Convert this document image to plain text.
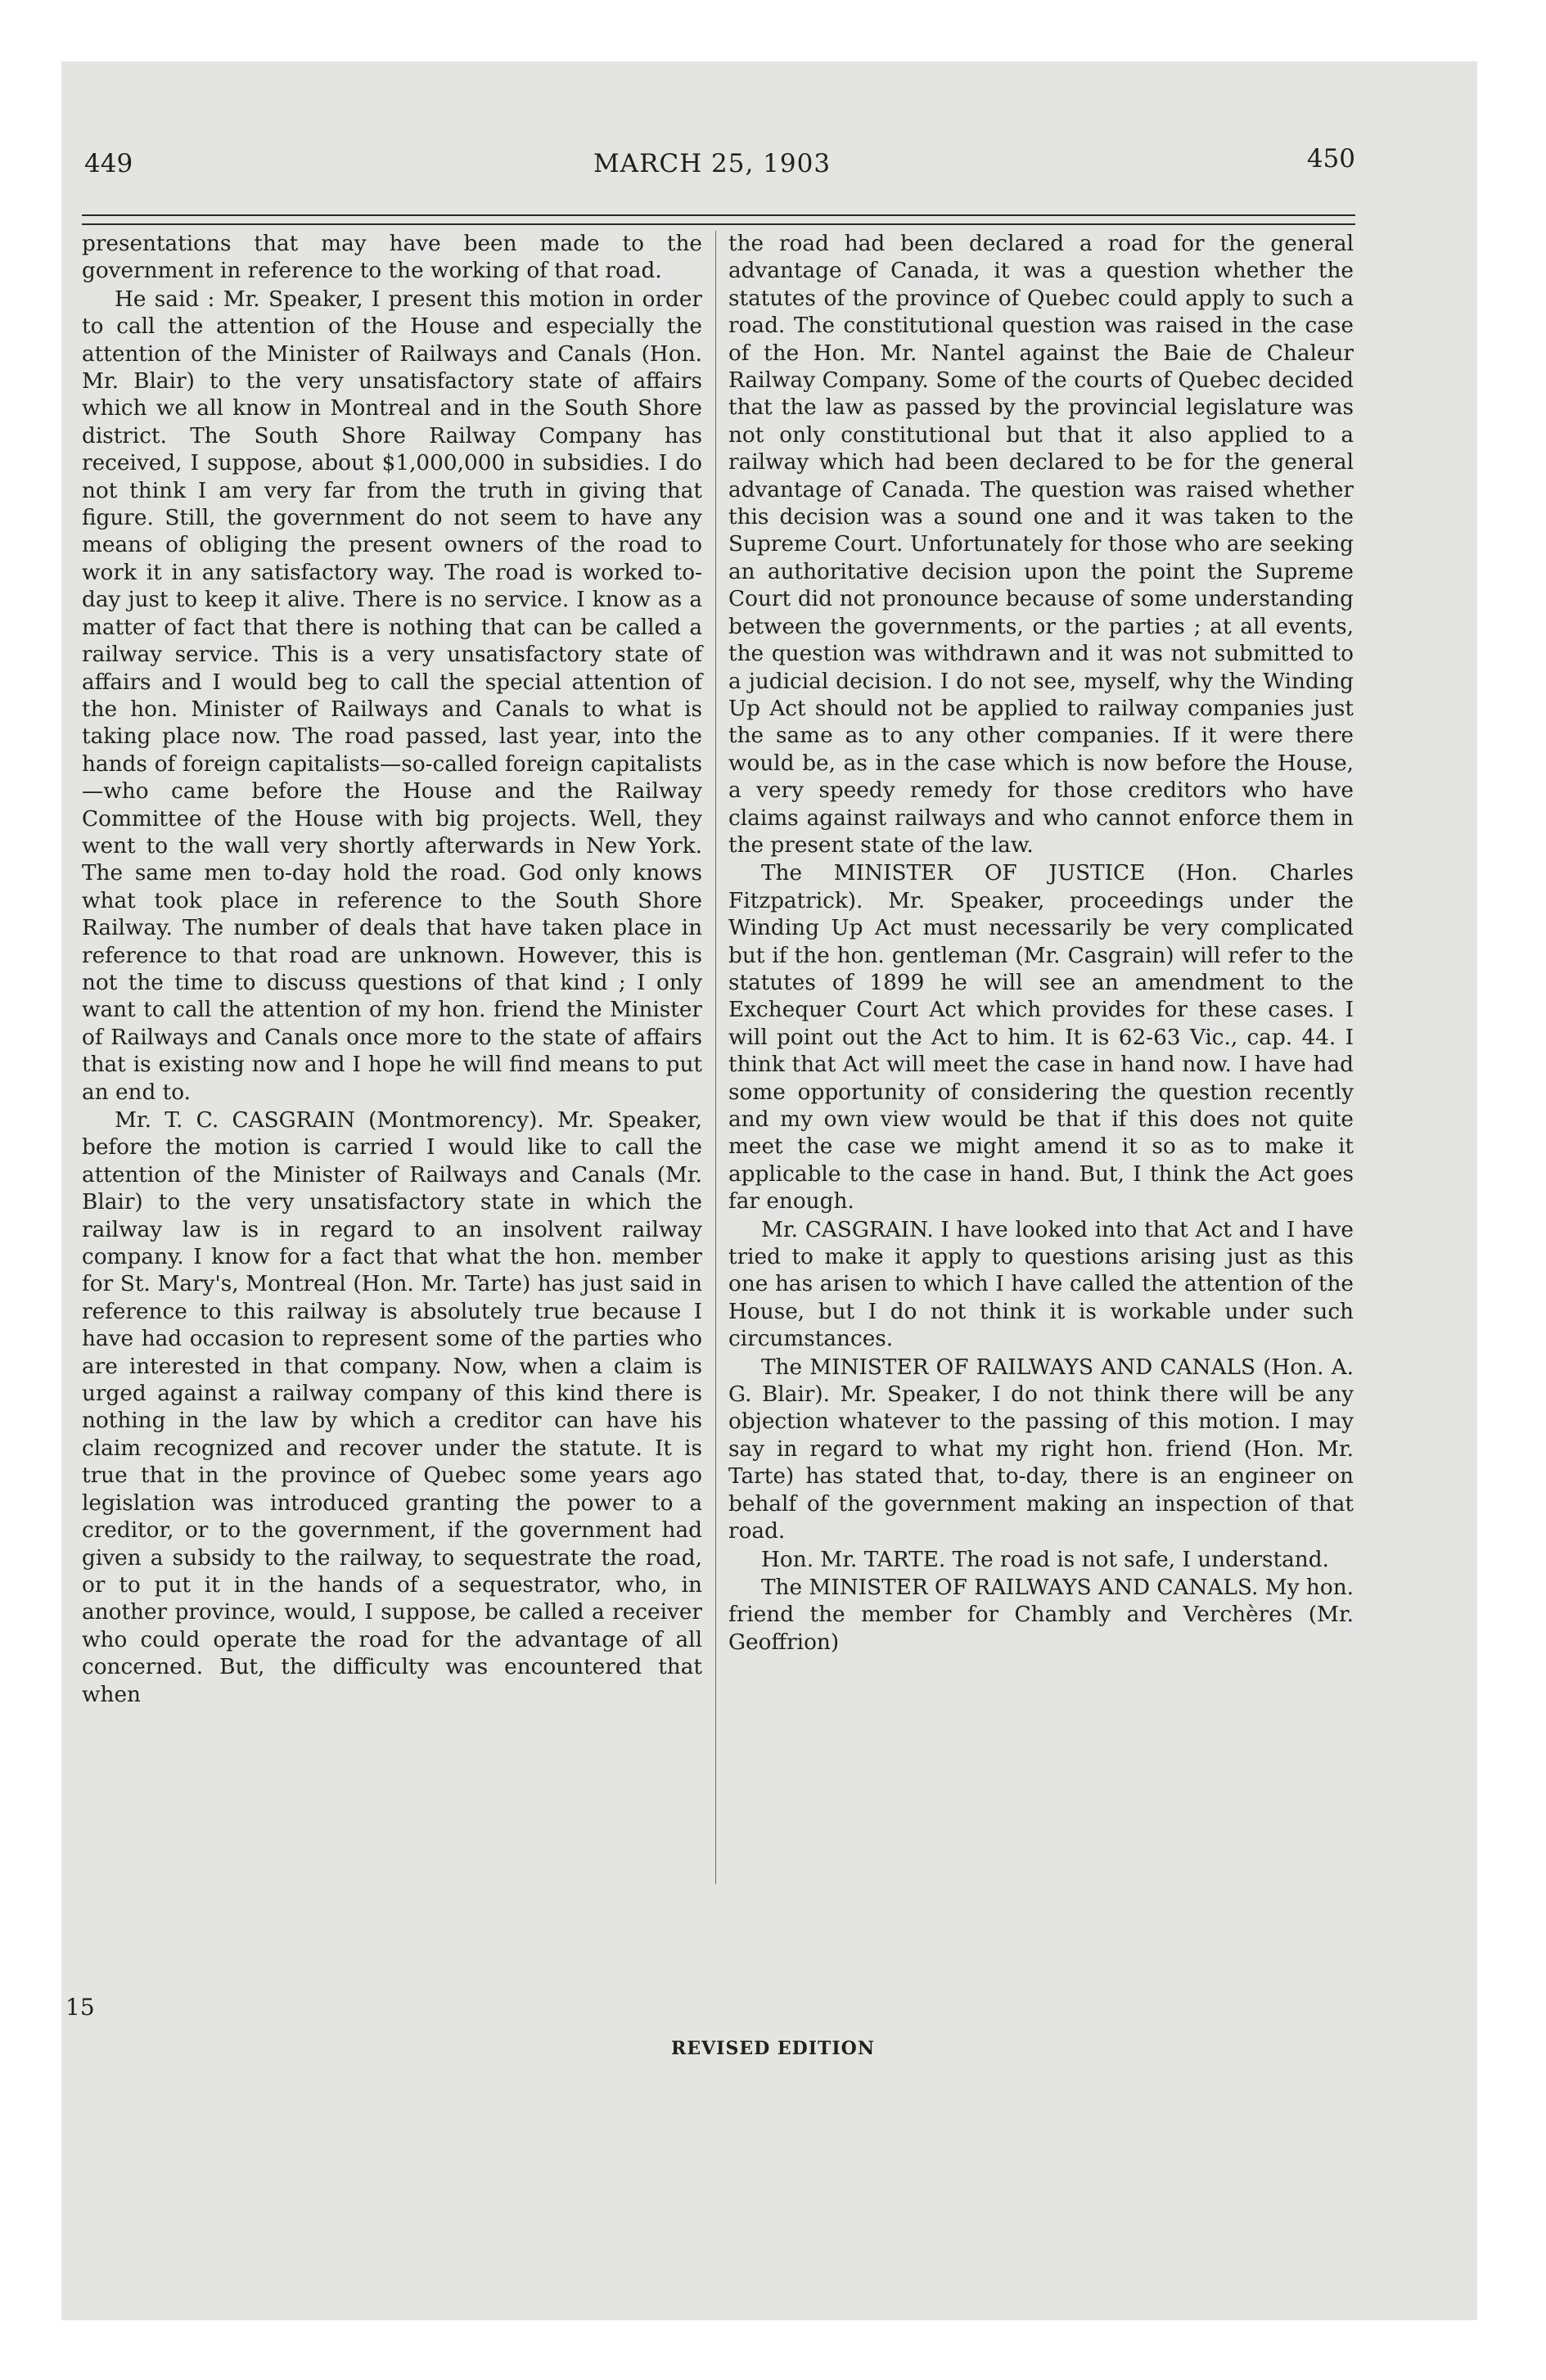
449	MARCH 25, 1903	450

presentations that may have been made to the government in reference to the working of that road.

He said : Mr. Speaker, I present this motion in order to call the attention of the House and especially the attention of the Minister of Railways and Canals (Hon. Mr. Blair) to the very unsatisfactory state of affairs which we all know in Montreal and in the South Shore district. The South Shore Railway Company has received, I suppose, about $1,000,000 in subsidies. I do not think I am very far from the truth in giving that figure. Still, the government do not seem to have any means of obliging the present owners of the road to work it in any satisfactory way. The road is worked to-day just to keep it alive. There is no service. I know as a matter of fact that there is nothing that can be called a railway service. This is a very unsatisfactory state of affairs and I would beg to call the special attention of the hon. Minister of Railways and Canals to what is taking place now. The road passed, last year, into the hands of foreign capitalists—so-called foreign capitalists—who came before the House and the Railway Committee of the House with big projects. Well, they went to the wall very shortly afterwards in New York. The same men to-day hold the road. God only knows what took place in reference to the South Shore Railway. The number of deals that have taken place in reference to that road are unknown. However, this is not the time to discuss questions of that kind ; I only want to call the attention of my hon. friend the Minister of Railways and Canals once more to the state of affairs that is existing now and I hope he will find means to put an end to.

Mr. T. C. CASGRAIN (Montmorency). Mr. Speaker, before the motion is carried I would like to call the attention of the Minister of Railways and Canals (Mr. Blair) to the very unsatisfactory state in which the railway law is in regard to an insolvent railway company. I know for a fact that what the hon. member for St. Mary's, Montreal (Hon. Mr. Tarte) has just said in reference to this railway is absolutely true because I have had occasion to represent some of the parties who are interested in that company. Now, when a claim is urged against a railway company of this kind there is nothing in the law by which a creditor can have his claim recognized and recover under the statute. It is true that in the province of Quebec some years ago legislation was introduced granting the power to a creditor, or to the government, if the government had given a subsidy to the railway, to sequestrate the road, or to put it in the hands of a sequestrator, who, in another province, would, I suppose, be called a receiver who could operate the road for the advantage of all concerned. But, the difficulty was encountered that when

the road had been declared a road for the general advantage of Canada, it was a question whether the statutes of the province of Quebec could apply to such a road. The constitutional question was raised in the case of the Hon. Mr. Nantel against the Baie de Chaleur Railway Company. Some of the courts of Quebec decided that the law as passed by the provincial legislature was not only constitutional but that it also applied to a railway which had been declared to be for the general advantage of Canada. The question was raised whether this decision was a sound one and it was taken to the Supreme Court. Unfortunately for those who are seeking an authoritative decision upon the point the Supreme Court did not pronounce because of some understanding between the governments, or the parties ; at all events, the question was withdrawn and it was not submitted to a judicial decision. I do not see, myself, why the Winding Up Act should not be applied to railway companies just the same as to any other companies. If it were there would be, as in the case which is now before the House, a very speedy remedy for those creditors who have claims against railways and who cannot enforce them in the present state of the law.

The MINISTER OF JUSTICE (Hon. Charles Fitzpatrick). Mr. Speaker, proceedings under the Winding Up Act must necessarily be very complicated but if the hon. gentleman (Mr. Casgrain) will refer to the statutes of 1899 he will see an amendment to the Exchequer Court Act which provides for these cases. I will point out the Act to him. It is 62-63 Vic., cap. 44. I think that Act will meet the case in hand now. I have had some opportunity of considering the question recently and my own view would be that if this does not quite meet the case we might amend it so as to make it applicable to the case in hand. But, I think the Act goes far enough.

Mr. CASGRAIN. I have looked into that Act and I have tried to make it apply to questions arising just as this one has arisen to which I have called the attention of the House, but I do not think it is workable under such circumstances.

The MINISTER OF RAILWAYS AND CANALS (Hon. A. G. Blair). Mr. Speaker, I do not think there will be any objection whatever to the passing of this motion. I may say in regard to what my right hon. friend (Hon. Mr. Tarte) has stated that, to-day, there is an engineer on behalf of the government making an inspection of that road.

Hon. Mr. TARTE. The road is not safe, I understand.

The MINISTER OF RAILWAYS AND CANALS. My hon. friend the member for Chambly and Verchères (Mr. Geoffrion)

15
REVISED EDITION
